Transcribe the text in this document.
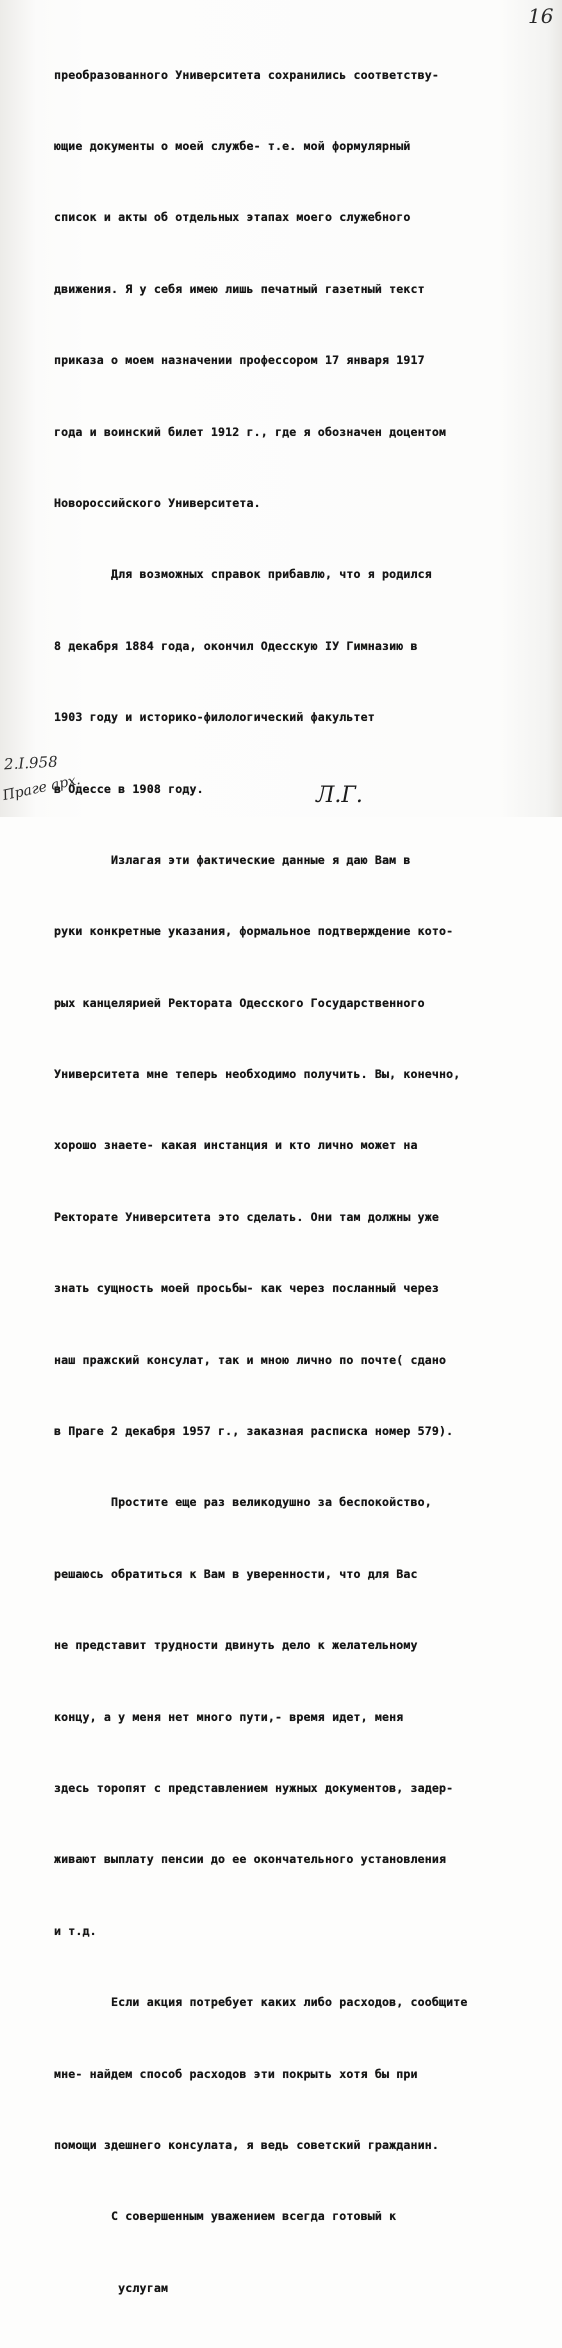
16

преобразованного Университета сохранились соответству-

ющие документы о моей службе- т.е. мой формулярный

список и акты об отдельных этапах моего служебного

движения. Я у себя имею лишь печатный газетный текст

приказа о моем назначении профессором 17 января 1917

года и воинский билет 1912 г., где я обозначен доцентом

Новороссийского Университета.

Для возможных справок прибавлю, что я родился

8 декабря 1884 года, окончил Одесскую IУ Гимназию в

1903 году и историко-филологический факультет

в Одессе в 1908 году.

Излагая эти фактические данные я даю Вам в

руки конкретные указания, формальное подтверждение кото-

рых канцелярией Ректората Одесского Государственного

Университета мне теперь необходимо получить. Вы, конечно,

хорошо знаете- какая инстанция и кто лично может на

Ректорате Университета это сделать. Они там должны уже

знать сущность моей просьбы- как через посланный через

наш пражский консулат, так и мною лично по почте( сдано

в Праге 2 декабря 1957 г., заказная расписка номер 579).

Простите еще раз великодушно за беспокойство,

решаюсь обратиться к Вам в уверенности, что для Вас

не представит трудности двинуть дело к желательному

концу, а у меня нет много пути,- время идет, меня

здесь торопят с представлением нужных документов, задер-

живают выплату пенсии до ее окончательного установления

и т.д.

Если акция потребует каких либо расходов, сообщите

мне- найдем способ расходов эти покрыть хотя бы при

помощи здешнего консулата, я ведь советский гражданин.

С совершенным уважением всегда готовый к

услугам

2.I.958
Праге арх.	Л.Г.
